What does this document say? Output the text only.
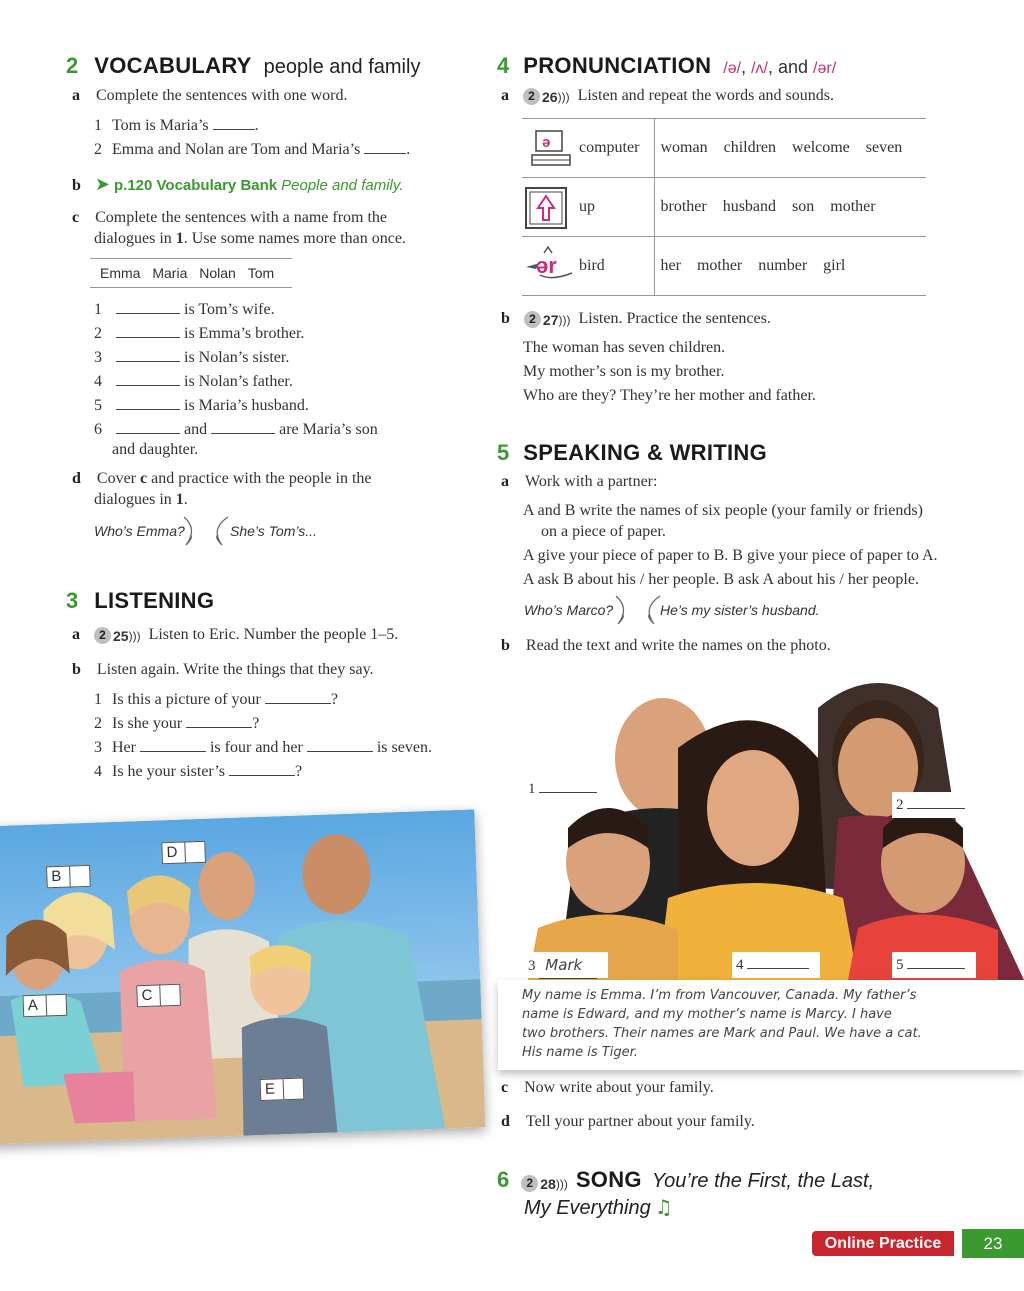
2 VOCABULARY people and family
a Complete the sentences with one word.
1 Tom is Maria’s	.
2 Emma and Nolan are Tom and Maria’s	.
b ➤ p.120 Vocabulary Bank People and family.
c Complete the sentences with a name from the
dialogues in 1. Use some names more than once.
Emma Maria Nolan Tom
1	is Tom’s wife.
2	is Emma’s brother.
3	is Nolan’s sister.
4	is Nolan’s father.
5	is Maria’s husband.
6	and	are Maria’s son
and daughter.
d Cover c and practice with the people in the
dialogues in 1.
Who’s Emma?	She’s Tom’s...
3 LISTENING
a	2 25 ))) Listen to Eric. Number the people 1–5.
b Listen again. Write the things that they say.
1 Is this a picture of your	?
2 Is she your	?
3 Her	is four and her	is seven.
4 Is he your sister’s	?
B
D
A
C
E
4 PRONUNCIATION /ə/, /ʌ/, and /ər/
a	2 26 ))) Listen and repeat the words and sounds.
ə computer	woman children welcome seven

up	brother husband son mother

ər bird	her mother number girl
b	2 27 ))) Listen. Practice the sentences.
The woman has seven children.
My mother’s son is my brother.
Who are they? They’re her mother and father.
5 SPEAKING & WRITING
a Work with a partner:
A and B write the names of six people (your family or friends)
on a piece of paper.
A give your piece of paper to B. B give your piece of paper to A.
A ask B about his / her people. B ask A about his / her people.
Who’s Marco?	He’s my sister’s husband.
b Read the text and write the names on the photo.
1
2
3 Mark	4	5
My name is Emma. I’m from Vancouver, Canada. My father’s
name is Edward, and my mother’s name is Marcy. I have
two brothers. Their names are Mark and Paul. We have a cat.
His name is Tiger.
c Now write about your family.
d Tell your partner about your family.
6	2 28 ))) SONG You’re the First, the Last,
My Everything ♫
Online Practice	23
